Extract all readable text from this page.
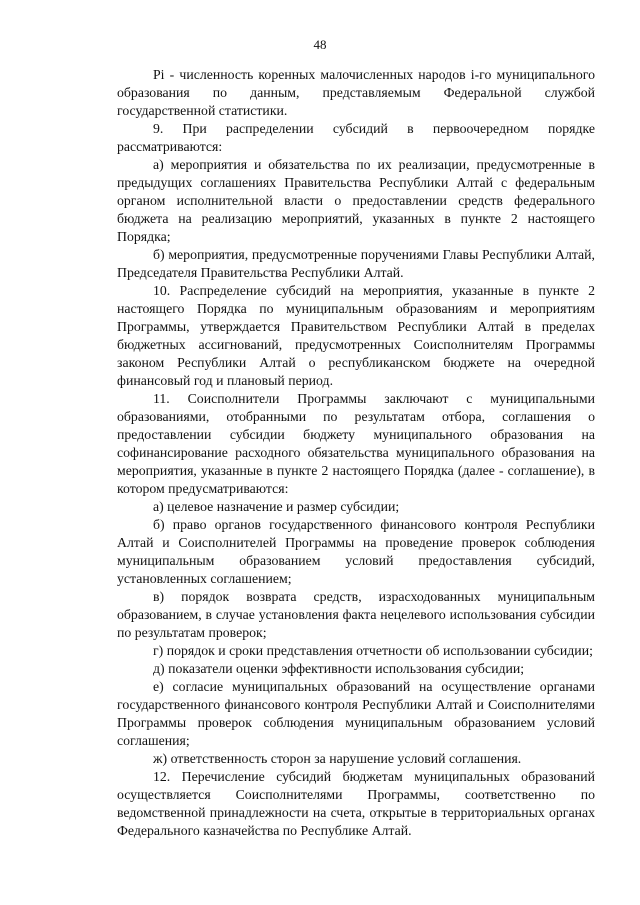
48

Pi - численность коренных малочисленных народов i-го муниципального образования по данным, представляемым Федеральной службой государственной статистики.

9. При распределении субсидий в первоочередном порядке рассматриваются:

а) мероприятия и обязательства по их реализации, предусмотренные в предыдущих соглашениях Правительства Республики Алтай с федеральным органом исполнительной власти о предоставлении средств федерального бюджета на реализацию мероприятий, указанных в пункте 2 настоящего Порядка;

б) мероприятия, предусмотренные поручениями Главы Республики Алтай, Председателя Правительства Республики Алтай.

10. Распределение субсидий на мероприятия, указанные в пункте 2 настоящего Порядка по муниципальным образованиям и мероприятиям Программы, утверждается Правительством Республики Алтай в пределах бюджетных ассигнований, предусмотренных Соисполнителям Программы законом Республики Алтай о республиканском бюджете на очередной финансовый год и плановый период.

11. Соисполнители Программы заключают с муниципальными образованиями, отобранными по результатам отбора, соглашения о предоставлении субсидии бюджету муниципального образования на софинансирование расходного обязательства муниципального образования на мероприятия, указанные в пункте 2 настоящего Порядка (далее - соглашение), в котором предусматриваются:

а) целевое назначение и размер субсидии;

б) право органов государственного финансового контроля Республики Алтай и Соисполнителей Программы на проведение проверок соблюдения муниципальным образованием условий предоставления субсидий, установленных соглашением;

в) порядок возврата средств, израсходованных муниципальным образованием, в случае установления факта нецелевого использования субсидии по результатам проверок;

г) порядок и сроки представления отчетности об использовании субсидии;

д) показатели оценки эффективности использования субсидии;

е) согласие муниципальных образований на осуществление органами государственного финансового контроля Республики Алтай и Соисполнителями Программы проверок соблюдения муниципальным образованием условий соглашения;

ж) ответственность сторон за нарушение условий соглашения.

12. Перечисление субсидий бюджетам муниципальных образований осуществляется Соисполнителями Программы, соответственно по ведомственной принадлежности на счета, открытые в территориальных органах Федерального казначейства по Республике Алтай.
